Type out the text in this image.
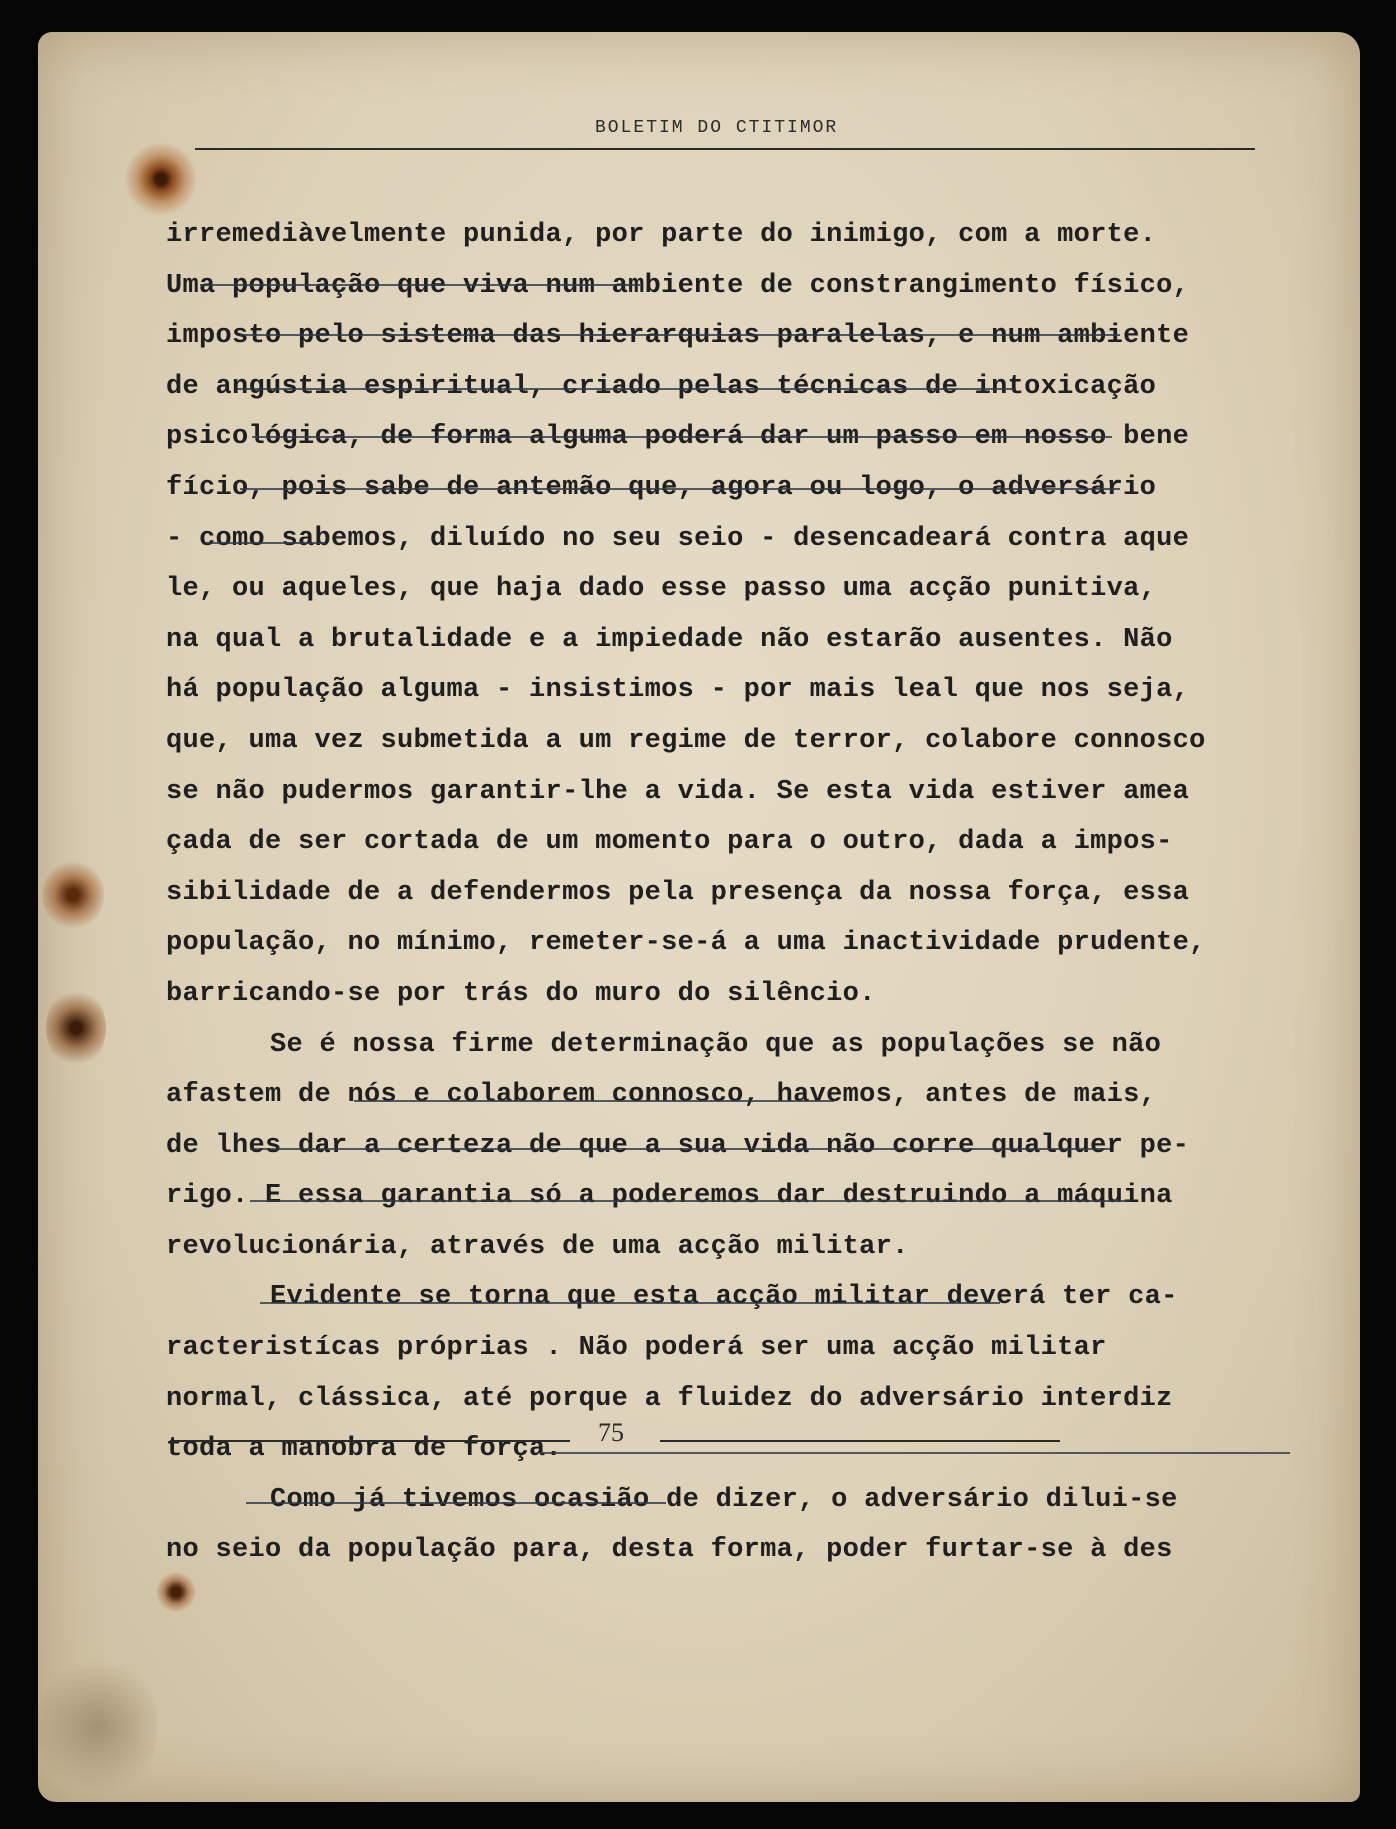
BOLETIM DO CTITIMOR

irremediàvelmente punida, por parte do inimigo, com a morte.

Uma população que viva num ambiente de constrangimento físico,

imposto pelo sistema das hierarquias paralelas, e num ambiente

de angústia espiritual, criado pelas técnicas de intoxicação

psicológica, de forma alguma poderá dar um passo em nosso bene

fício, pois sabe de antemão que, agora ou logo, o adversário

- como sabemos, diluído no seu seio - desencadeará contra aque

le, ou aqueles, que haja dado esse passo uma acção punitiva,

na qual a brutalidade e a impiedade não estarão ausentes. Não

há população alguma - insistimos - por mais leal que nos seja,

que, uma vez submetida a um regime de terror, colabore connosco

se não pudermos garantir-lhe a vida. Se esta vida estiver amea

çada de ser cortada de um momento para o outro, dada a impos-

sibilidade de a defendermos pela presença da nossa força, essa

população, no mínimo, remeter-se-á a uma inactividade prudente,

barricando-se por trás do muro do silêncio.

Se é nossa firme determinação que as populações se não

afastem de nós e colaborem connosco, havemos, antes de mais,

de lhes dar a certeza de que a sua vida não corre qualquer pe-

rigo. E essa garantia só a poderemos dar destruindo a máquina

revolucionária, através de uma acção militar.

Evidente se torna que esta acção militar deverá ter ca-

racteristícas próprias . Não poderá ser uma acção militar

normal, clássica, até porque a fluidez do adversário interdiz

toda a manobra de força.

Como já tivemos ocasião de dizer, o adversário dilui-se

no seio da população para, desta forma, poder furtar-se à des

75
